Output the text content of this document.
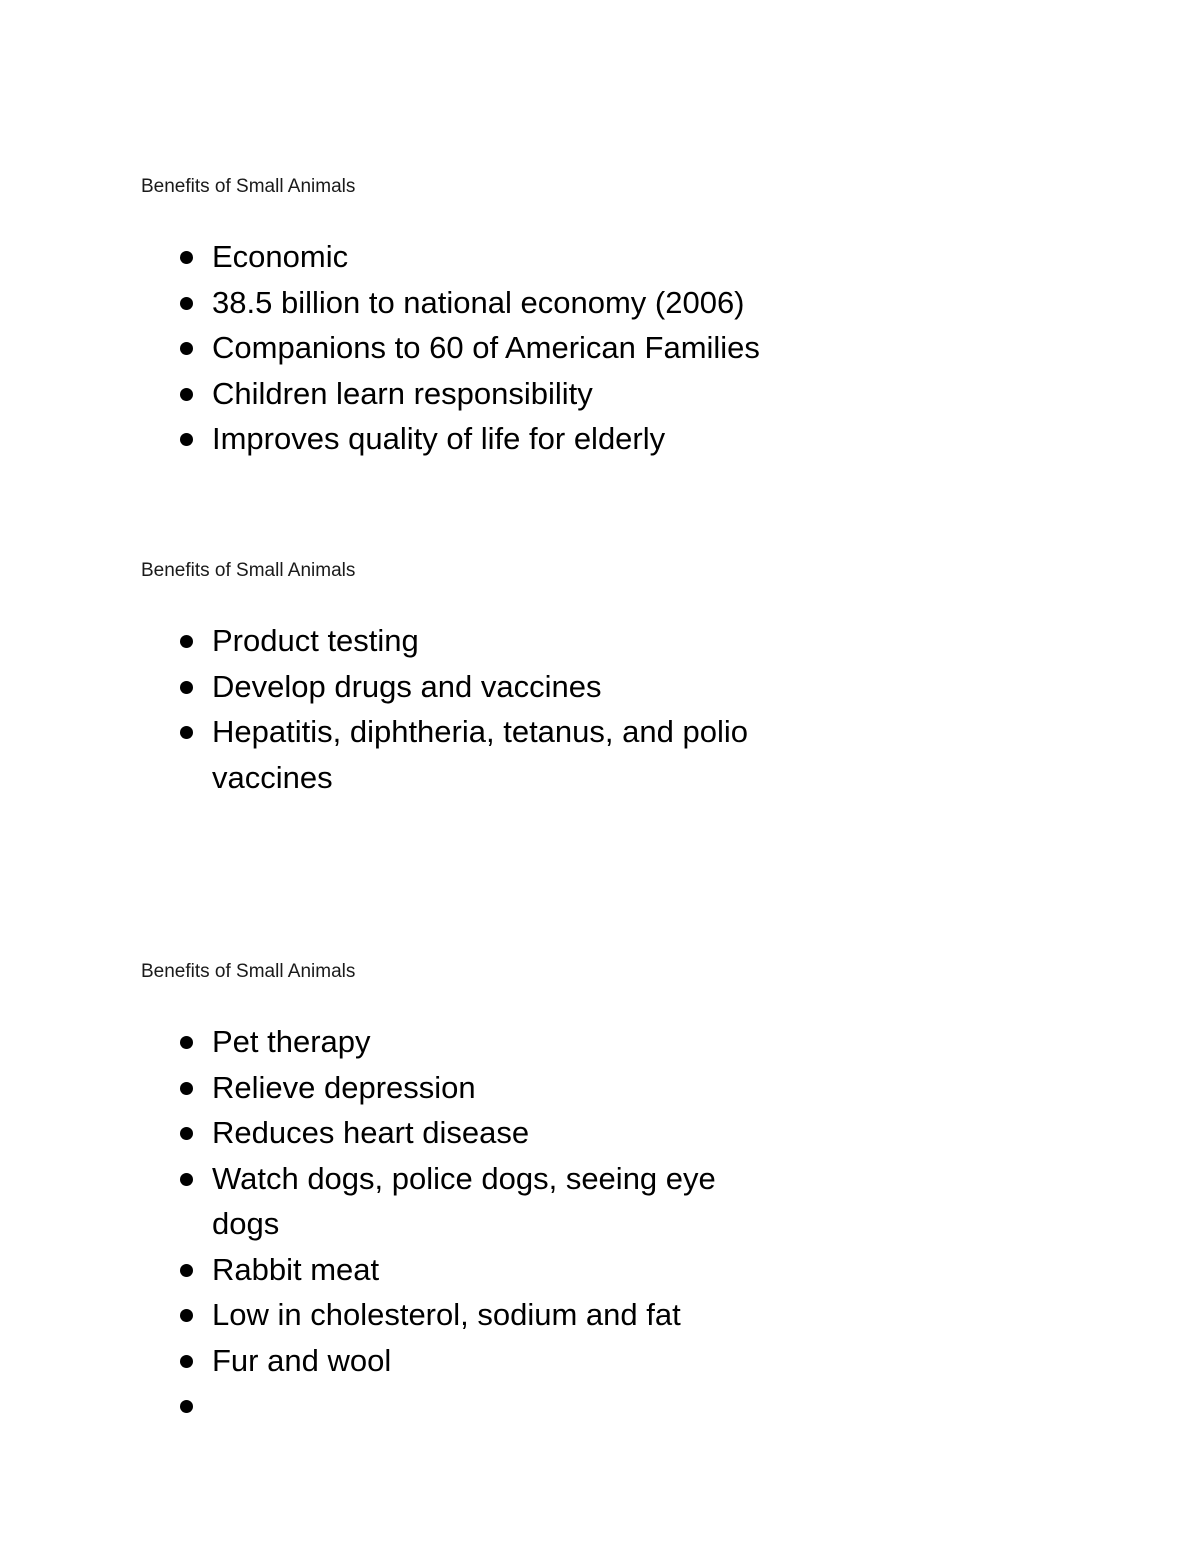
Benefits of Small Animals
Economic
38.5 billion to national economy (2006)
Companions to 60 of American Families
Children learn responsibility
Improves quality of life for elderly
Benefits of Small Animals
Product testing
Develop drugs and vaccines
Hepatitis, diphtheria, tetanus, and polio vaccines
Benefits of Small Animals
Pet therapy
Relieve depression
Reduces heart disease
Watch dogs, police dogs, seeing eye dogs
Rabbit meat
Low in cholesterol, sodium and fat
Fur and wool
